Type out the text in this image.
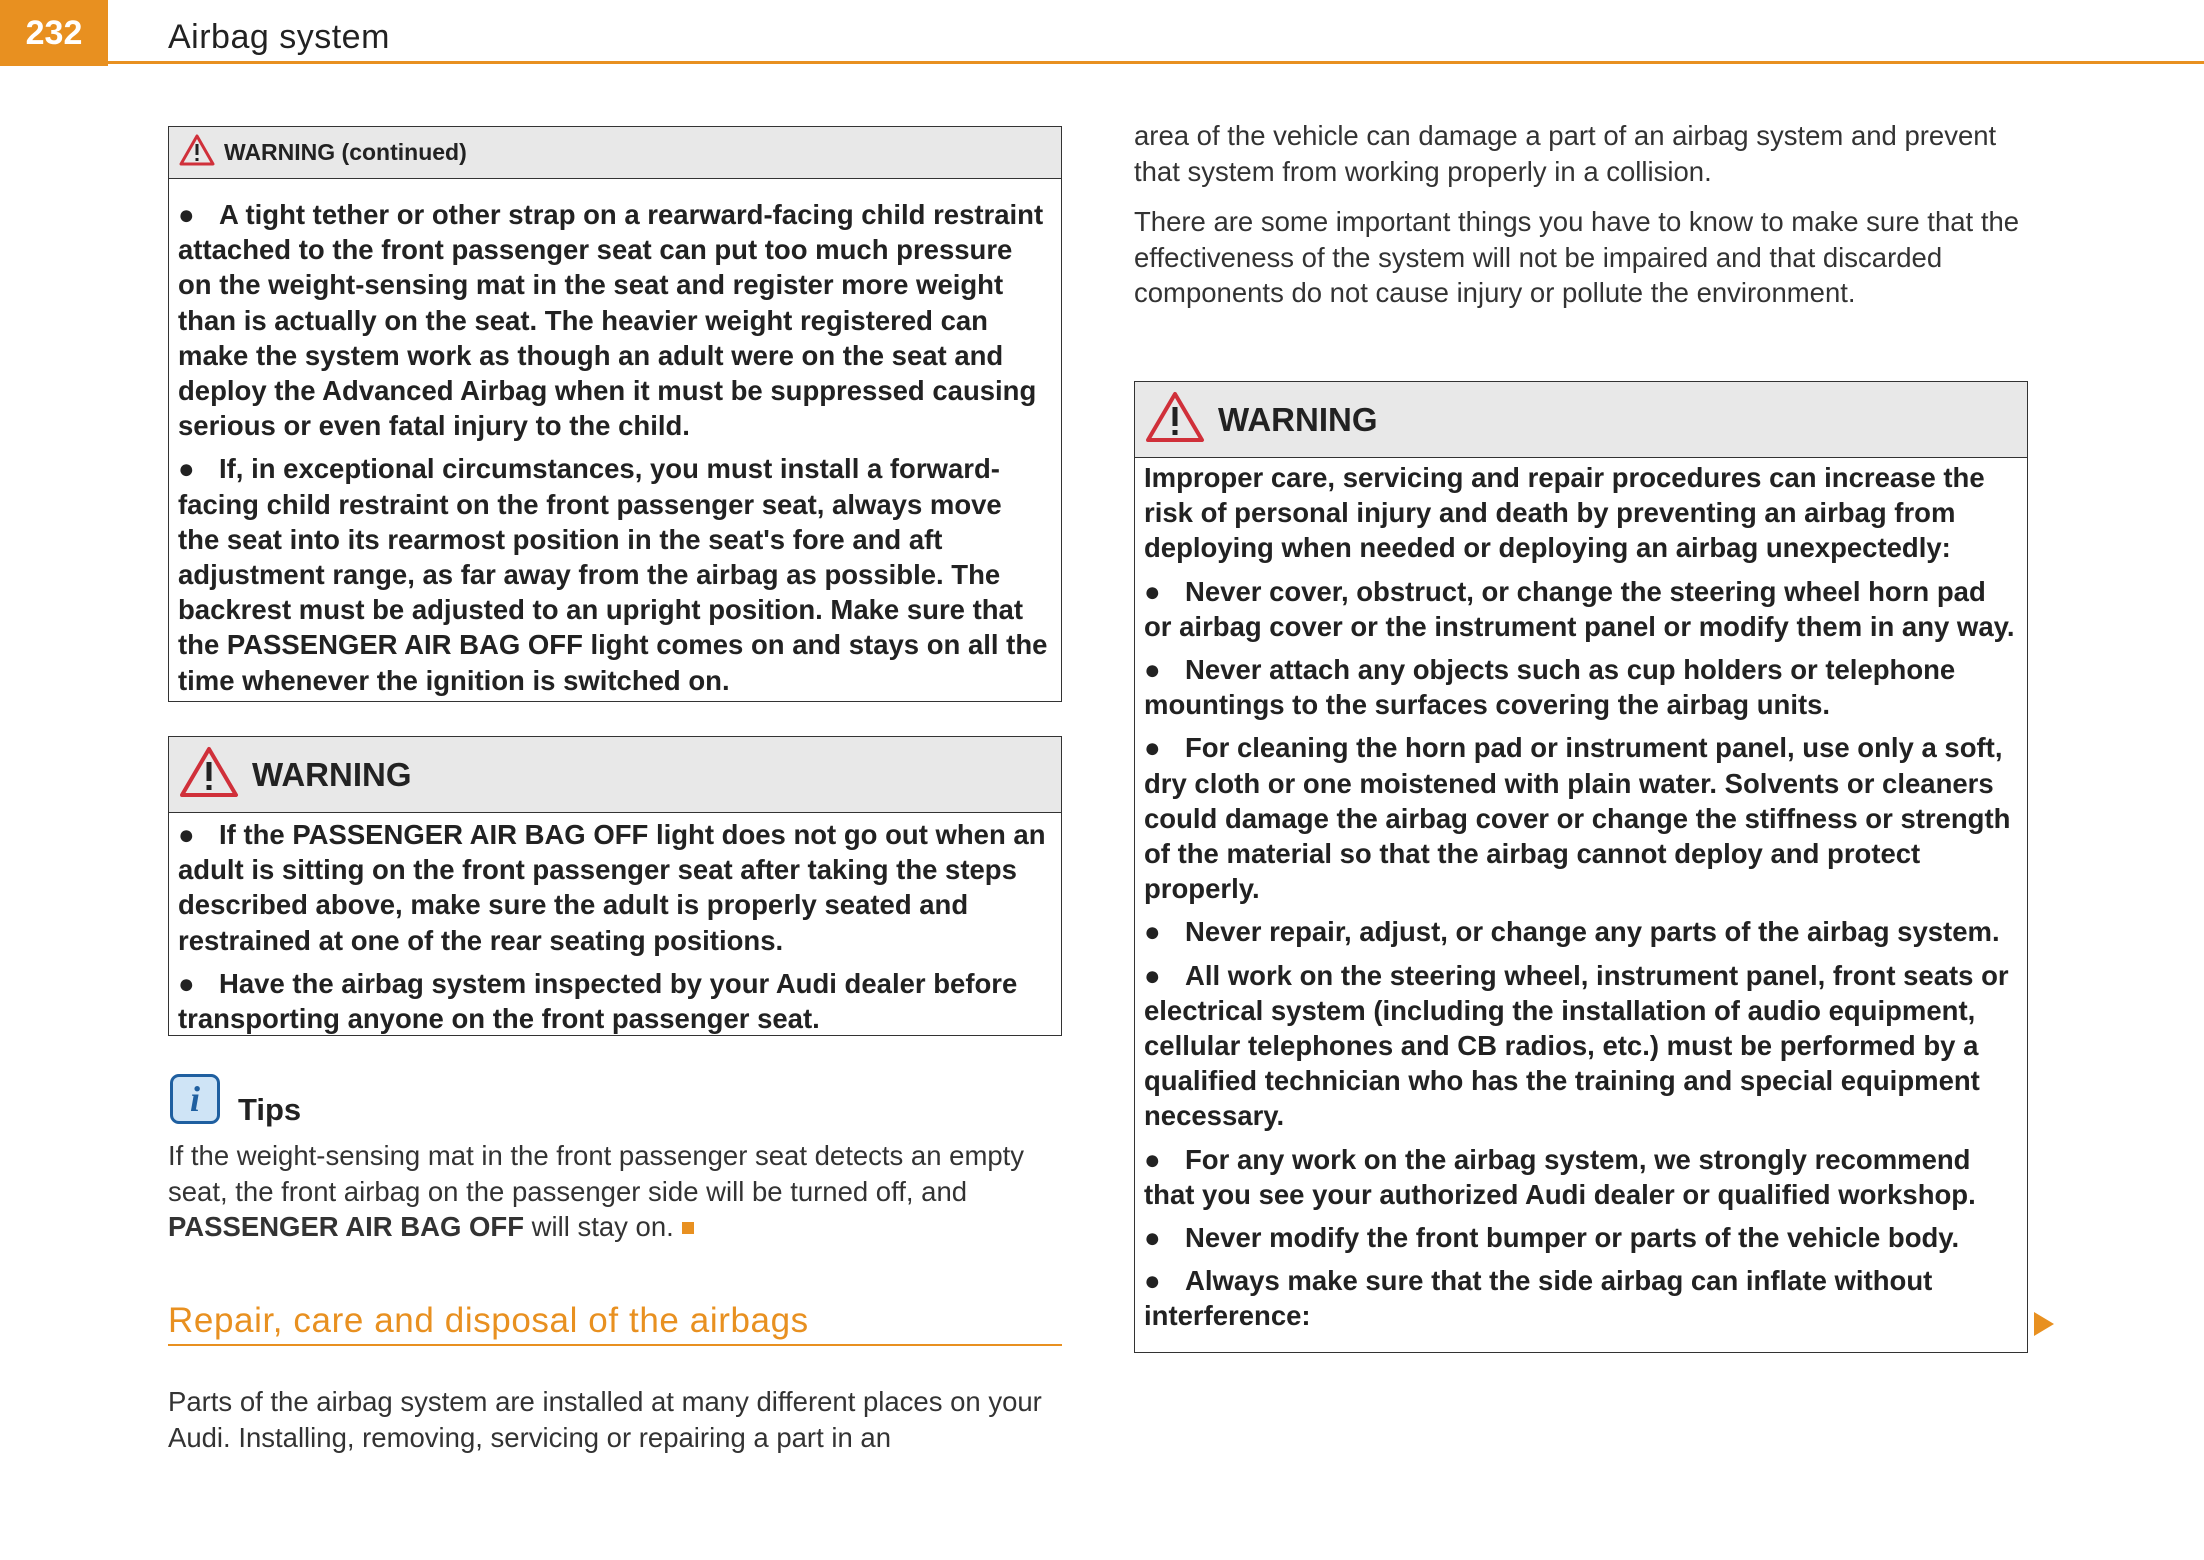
232	Airbag system
WARNING (continued)

● A tight tether or other strap on a rearward-facing child restraint attached to the front passenger seat can put too much pressure on the weight-sensing mat in the seat and register more weight than is actually on the seat. The heavier weight registered can make the system work as though an adult were on the seat and deploy the Advanced Airbag when it must be suppressed causing serious or even fatal injury to the child.

● If, in exceptional circumstances, you must install a forward-facing child restraint on the front passenger seat, always move the seat into its rearmost position in the seat's fore and aft adjustment range, as far away from the airbag as possible. The backrest must be adjusted to an upright position. Make sure that the PASSENGER AIR BAG OFF light comes on and stays on all the time whenever the ignition is switched on.

WARNING

● If the PASSENGER AIR BAG OFF light does not go out when an adult is sitting on the front passenger seat after taking the steps described above, make sure the adult is properly seated and restrained at one of the rear seating positions.

● Have the airbag system inspected by your Audi dealer before transporting anyone on the front passenger seat.

i	Tips

If the weight-sensing mat in the front passenger seat detects an empty seat, the front airbag on the passenger side will be turned off, and PASSENGER AIR BAG OFF will stay on.

Repair, care and disposal of the airbags

Parts of the airbag system are installed at many different places on your Audi. Installing, removing, servicing or repairing a part in an

area of the vehicle can damage a part of an airbag system and prevent that system from working properly in a collision.

There are some important things you have to know to make sure that the effectiveness of the system will not be impaired and that discarded components do not cause injury or pollute the environment.

WARNING

Improper care, servicing and repair procedures can increase the risk of personal injury and death by preventing an airbag from deploying when needed or deploying an airbag unexpectedly:

● Never cover, obstruct, or change the steering wheel horn pad or airbag cover or the instrument panel or modify them in any way.

● Never attach any objects such as cup holders or telephone mountings to the surfaces covering the airbag units.

● For cleaning the horn pad or instrument panel, use only a soft, dry cloth or one moistened with plain water. Solvents or cleaners could damage the airbag cover or change the stiffness or strength of the material so that the airbag cannot deploy and protect properly.

● Never repair, adjust, or change any parts of the airbag system.

● All work on the steering wheel, instrument panel, front seats or electrical system (including the installation of audio equipment, cellular telephones and CB radios, etc.) must be performed by a qualified technician who has the training and special equipment necessary.

● For any work on the airbag system, we strongly recommend that you see your authorized Audi dealer or qualified workshop.

● Never modify the front bumper or parts of the vehicle body.

● Always make sure that the side airbag can inflate without interference:
